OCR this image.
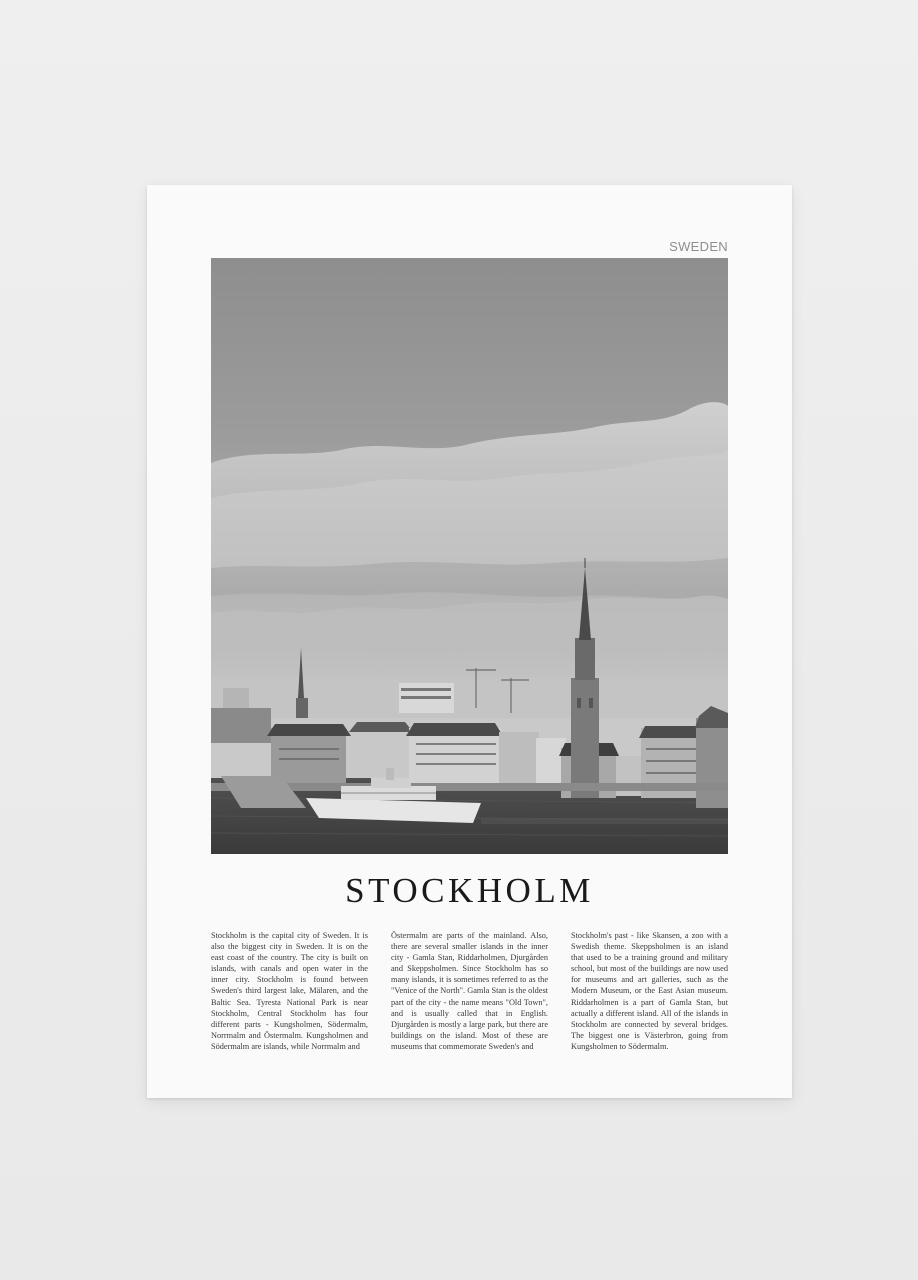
SWEDEN
STOCKHOLM
Stockholm is the capital city of Sweden. It is also the biggest city in Sweden. It is on the east coast of the country. The city is built on islands, with canals and open water in the inner city. Stockholm is found between Sweden's third largest lake, Mälaren, and the Baltic Sea. Tyresta National Park is near Stockholm, Central Stockholm has four different parts - Kungsholmen, Södermalm, Norrmalm and Östermalm. Kungsholmen and Södermalm are islands, while Norrmalm and
Östermalm are parts of the mainland. Also, there are several smaller islands in the inner city - Gamla Stan, Riddarholmen, Djurgården and Skeppsholmen. Since Stockholm has so many islands, it is sometimes referred to as the "Venice of the North". Gamla Stan is the oldest part of the city - the name means "Old Town", and is usually called that in English. Djurgården is mostly a large park, but there are buildings on the island. Most of these are museums that commemorate Sweden's and
Stockholm's past - like Skansen, a zoo with a Swedish theme. Skeppsholmen is an island that used to be a training ground and military school, but most of the buildings are now used for museums and art galleries, such as the Modern Museum, or the East Asian museum. Riddarholmen is a part of Gamla Stan, but actually a different island. All of the islands in Stockholm are connected by several bridges. The biggest one is Västerbron, going from Kungsholmen to Södermalm.
